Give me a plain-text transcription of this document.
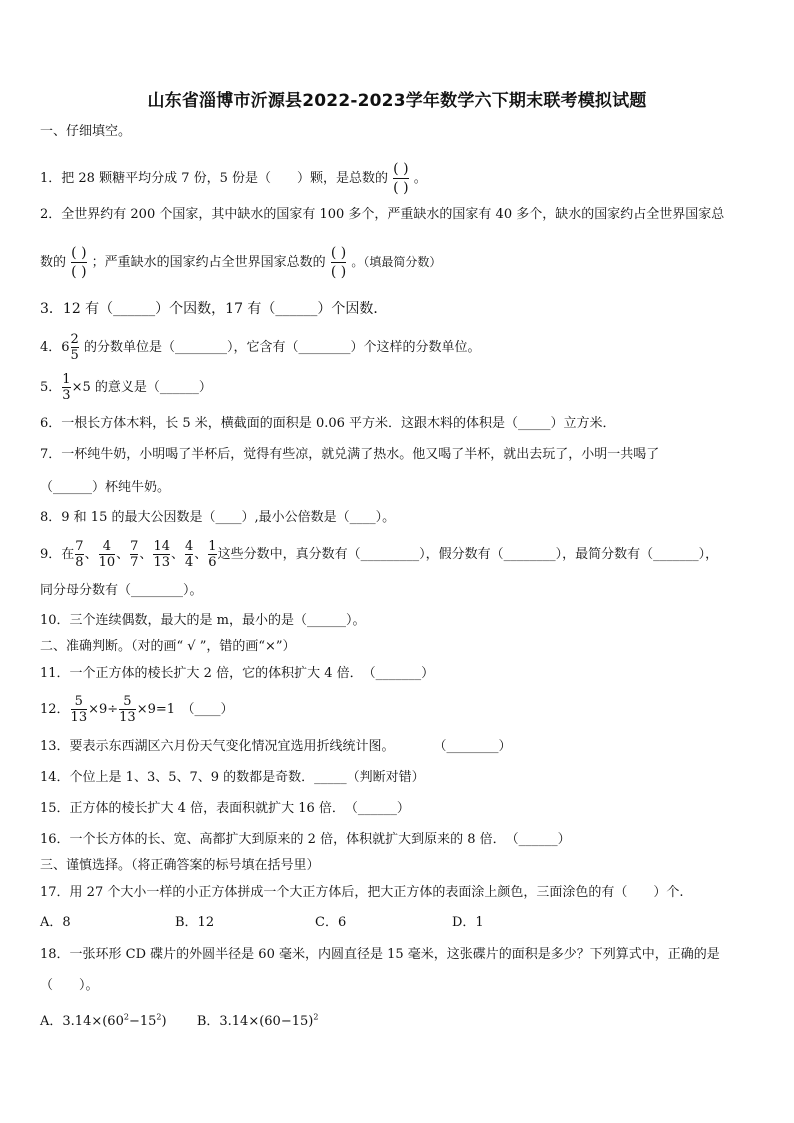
山东省淄博市沂源县2022-2023学年数学六下期末联考模拟试题
一、仔细填空。
1．把 28 颗糖平均分成 7 份，5 份是（　　）颗，是总数的 $\frac{( )}{( )}$ 。
2．全世界约有 200 个国家，其中缺水的国家有 100 多个，严重缺水的国家有 40 多个，缺水的国家约占全世界国家总
数的 $\frac{( )}{( )}$ ；严重缺水的国家约占全世界国家总数的 $\frac{( )}{( )}$ 。（填最简分数）
3．12 有（______）个因数，17 有（______）个因数．
4．$6 \frac{2}{5}$ 的分数单位是（________），它含有（________）个这样的分数单位。
5． $\frac{1}{3} \times 5$ 的意义是（______）
6．一根长方体木料，长 5 米，横截面的面积是 0.06 平方米．这跟木料的体积是（_____）立方米．
7．一杯纯牛奶，小明喝了半杯后，觉得有些凉，就兑满了热水。他又喝了半杯，就出去玩了，小明一共喝了
（______）杯纯牛奶。
8．9 和 15 的最大公因数是（____）,最小公倍数是（____）。
9．在 $\frac{7}{8}$ 、 $\frac{4}{10}$ 、 $\frac{7}{7}$ 、 $\frac{14}{13}$ 、 $\frac{4}{4}$ 、 $\frac{1}{6}$ 这些分数中，真分数有（_________），假分数有（________），最简分数有（_______），
同分母分数有（________）。
10．三个连续偶数，最大的是 m，最小的是（______）。
二、准确判断。（对的画“ √ ”，错的画“×”）
11．一个正方体的棱长扩大 2 倍，它的体积扩大 4 倍．　（_______）
12． $\frac{5}{13} \times 9\div \frac{5}{13} \times 9=1$　（____）
13．要表示东西湖区六月份天气变化情况宜选用折线统计图。　　　　（________）
14．个位上是 1、3、5、7、9 的数都是奇数．_____（判断对错）
15．正方体的棱长扩大 4 倍，表面积就扩大 16 倍．　（______）
16．一个长方体的长、宽、高都扩大到原来的 2 倍，体积就扩大到原来的 8 倍．　（______）
三、谨慎选择。（将正确答案的标号填在括号里）
17．用 27 个大小一样的小正方体拼成一个大正方体后，把大正方体的表面涂上颜色，三面涂色的有（　　）个.
A．8	B．12	C．6	D．1
18．一张环形 CD 碟片的外圆半径是 60 毫米，内圆直径是 15 毫米，这张碟片的面积是多少？下列算式中，正确的是
（　　）。
A．$3.14\times(60^2-15^2)$ B．$3.14\times(60-15)^2$
